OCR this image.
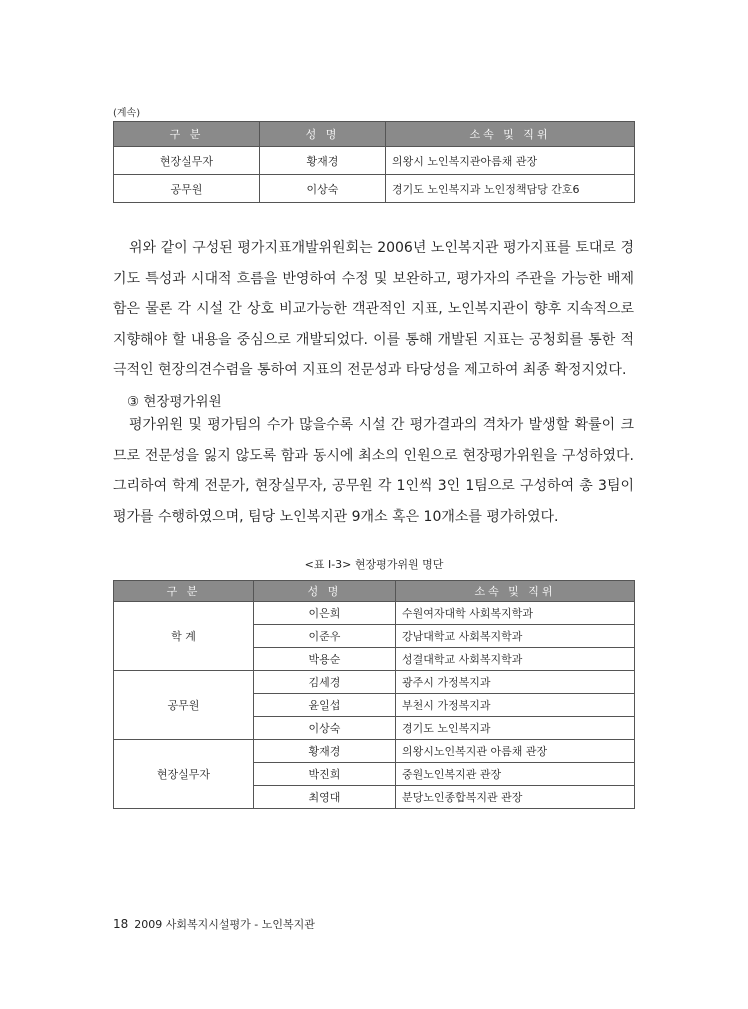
(계속)
구 분	성 명	소속 및 직위
현장실무자	황재경	의왕시 노인복지관아름채 관장
공무원	이상숙	경기도 노인복지과 노인정책담당 간호6

위와 같이 구성된 평가지표개발위원회는 2006년 노인복지관 평가지표를 토대로 경기도 특성과 시대적 흐름을 반영하여 수정 및 보완하고, 평가자의 주관을 가능한 배제함은 물론 각 시설 간 상호 비교가능한 객관적인 지표, 노인복지관이 향후 지속적으로 지향해야 할 내용을 중심으로 개발되었다. 이를 통해 개발된 지표는 공청회를 통한 적극적인 현장의견수렴을 통하여 지표의 전문성과 타당성을 제고하여 최종 확정지었다.

③ 현장평가위원

평가위원 및 평가팀의 수가 많을수록 시설 간 평가결과의 격차가 발생할 확률이 크므로 전문성을 잃지 않도록 함과 동시에 최소의 인원으로 현장평가위원을 구성하였다. 그리하여 학계 전문가, 현장실무자, 공무원 각 1인씩 3인 1팀으로 구성하여 총 3팀이 평가를 수행하였으며, 팀당 노인복지관 9개소 혹은 10개소를 평가하였다.

<표 Ⅰ-3> 현장평가위원 명단
구 분	성 명	소속 및 직위
학 계	이은희	수원여자대학 사회복지학과
	이준우	강남대학교 사회복지학과
	박용순	성결대학교 사회복지학과
공무원	김세경	광주시 가정복지과
	윤일섭	부천시 가정복지과
	이상숙	경기도 노인복지과
현장실무자	황재경	의왕시노인복지관 아름채 관장
	박진희	중원노인복지관 관장
	최영대	분당노인종합복지관 관장
18 2009 사회복지시설평가 - 노인복지관
